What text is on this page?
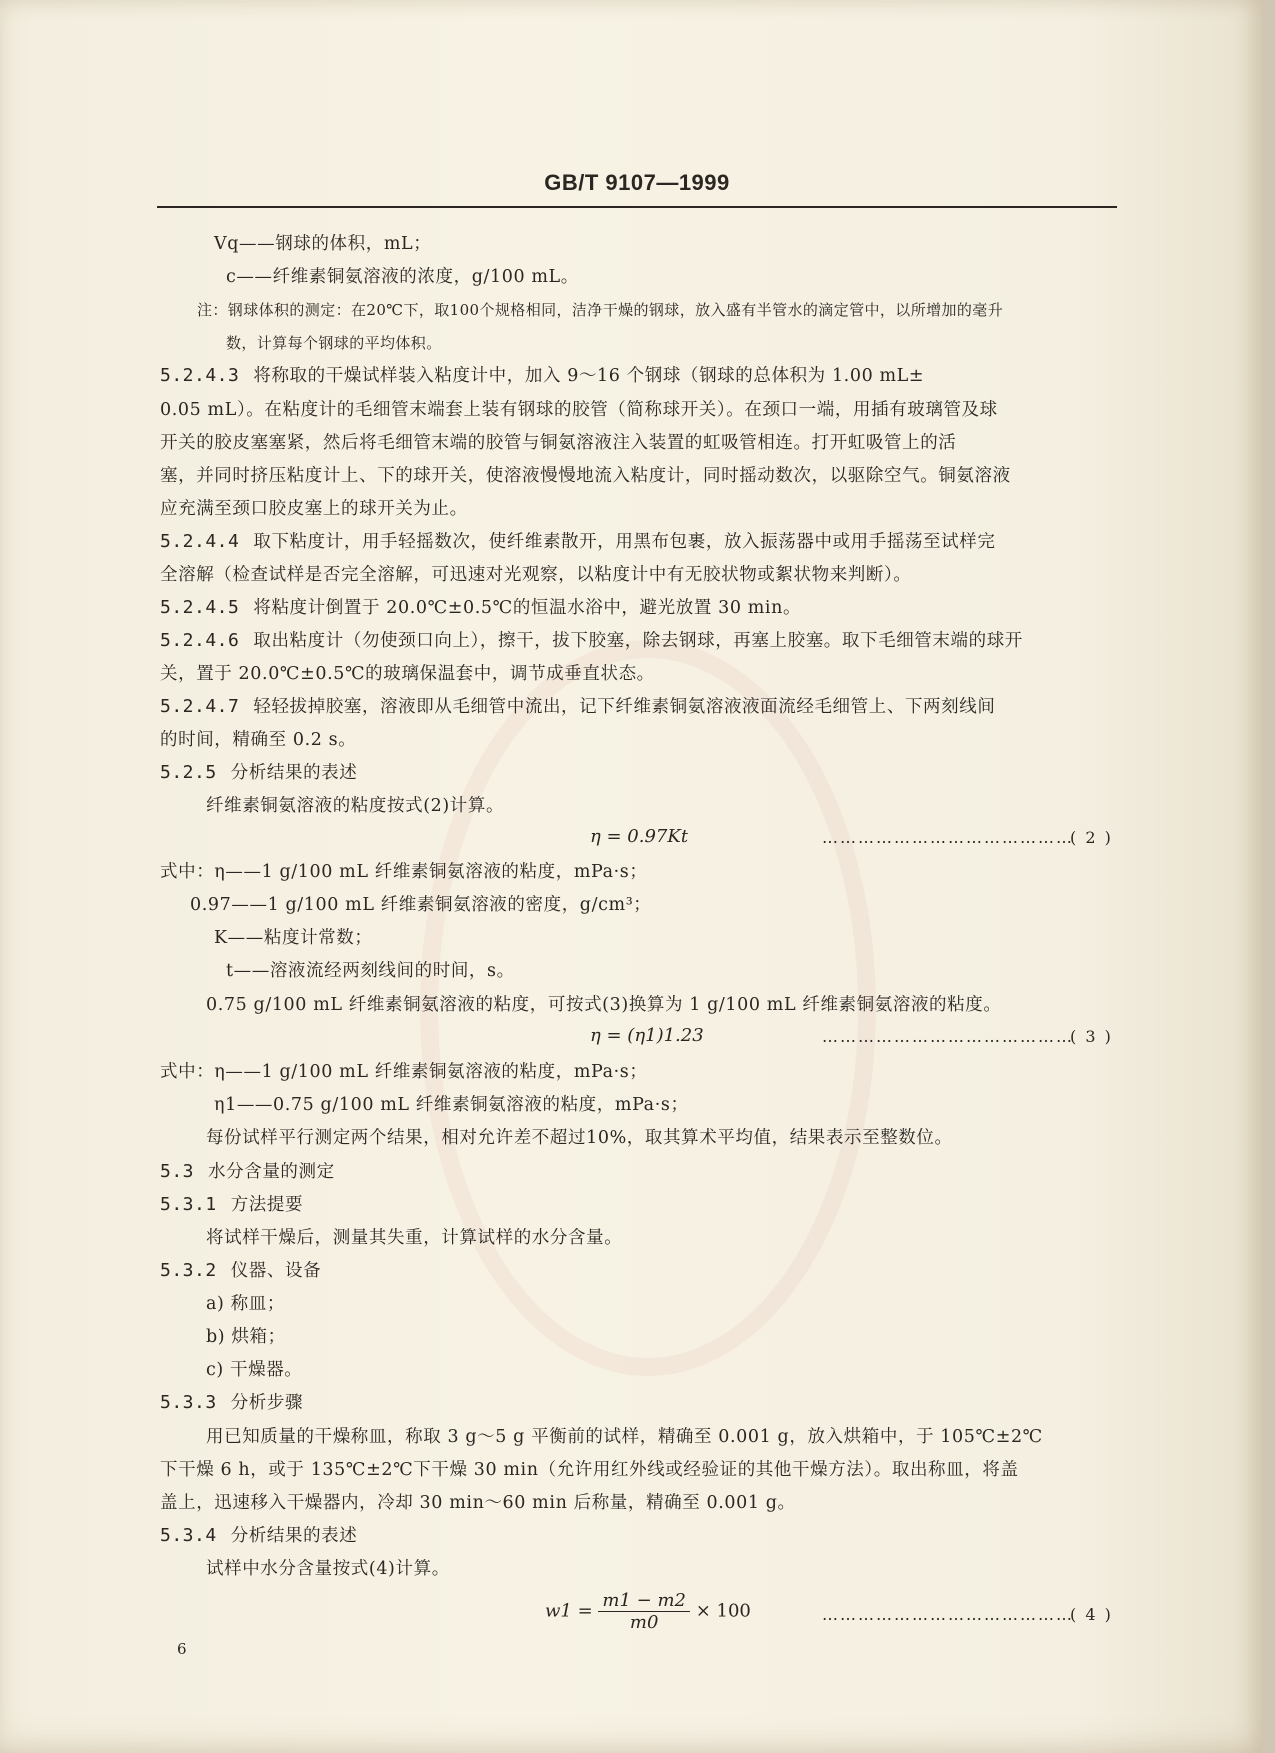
GB/T 9107—1999
Vq——钢球的体积，mL；
c——纤维素铜氨溶液的浓度，g/100 mL。
注：钢球体积的测定：在20℃下，取100个规格相同，洁净干燥的钢球，放入盛有半管水的滴定管中，以所增加的毫升
数，计算每个钢球的平均体积。
5.2.4.3 将称取的干燥试样装入粘度计中，加入 9～16 个钢球（钢球的总体积为 1.00 mL±
0.05 mL）。在粘度计的毛细管末端套上装有钢球的胶管（简称球开关）。在颈口一端，用插有玻璃管及球
开关的胶皮塞塞紧，然后将毛细管末端的胶管与铜氨溶液注入装置的虹吸管相连。打开虹吸管上的活
塞，并同时挤压粘度计上、下的球开关，使溶液慢慢地流入粘度计，同时摇动数次，以驱除空气。铜氨溶液
应充满至颈口胶皮塞上的球开关为止。
5.2.4.4 取下粘度计，用手轻摇数次，使纤维素散开，用黑布包裹，放入振荡器中或用手摇荡至试样完
全溶解（检查试样是否完全溶解，可迅速对光观察，以粘度计中有无胶状物或絮状物来判断）。
5.2.4.5 将粘度计倒置于 20.0℃±0.5℃的恒温水浴中，避光放置 30 min。
5.2.4.6 取出粘度计（勿使颈口向上），擦干，拔下胶塞，除去钢球，再塞上胶塞。取下毛细管末端的球开
关，置于 20.0℃±0.5℃的玻璃保温套中，调节成垂直状态。
5.2.4.7 轻轻拔掉胶塞，溶液即从毛细管中流出，记下纤维素铜氨溶液液面流经毛细管上、下两刻线间
的时间，精确至 0.2 s。
5.2.5 分析结果的表述
纤维素铜氨溶液的粘度按式(2)计算。
η = 0.97Kt	……………………………………
( 2 )
式中：η——1 g/100 mL 纤维素铜氨溶液的粘度，mPa·s；
0.97——1 g/100 mL 纤维素铜氨溶液的密度，g/cm³；
K——粘度计常数；
t——溶液流经两刻线间的时间，s。
0.75 g/100 mL 纤维素铜氨溶液的粘度，可按式(3)换算为 1 g/100 mL 纤维素铜氨溶液的粘度。
η = (η1)1.23	……………………………………
( 3 )
式中：η——1 g/100 mL 纤维素铜氨溶液的粘度，mPa·s；
η1——0.75 g/100 mL 纤维素铜氨溶液的粘度，mPa·s；
每份试样平行测定两个结果，相对允许差不超过10%，取其算术平均值，结果表示至整数位。
5.3 水分含量的测定
5.3.1 方法提要
将试样干燥后，测量其失重，计算试样的水分含量。
5.3.2 仪器、设备
a) 称皿；
b) 烘箱；
c) 干燥器。
5.3.3 分析步骤
用已知质量的干燥称皿，称取 3 g～5 g 平衡前的试样，精确至 0.001 g，放入烘箱中，于 105℃±2℃
下干燥 6 h，或于 135℃±2℃下干燥 30 min（允许用红外线或经验证的其他干燥方法）。取出称皿，将盖
盖上，迅速移入干燥器内，冷却 30 min～60 min 后称量，精确至 0.001 g。
5.3.4 分析结果的表述
试样中水分含量按式(4)计算。
$w1 = \frac{m1 - m2}{m0} \times 100$	……………………………………
( 4 )
6
